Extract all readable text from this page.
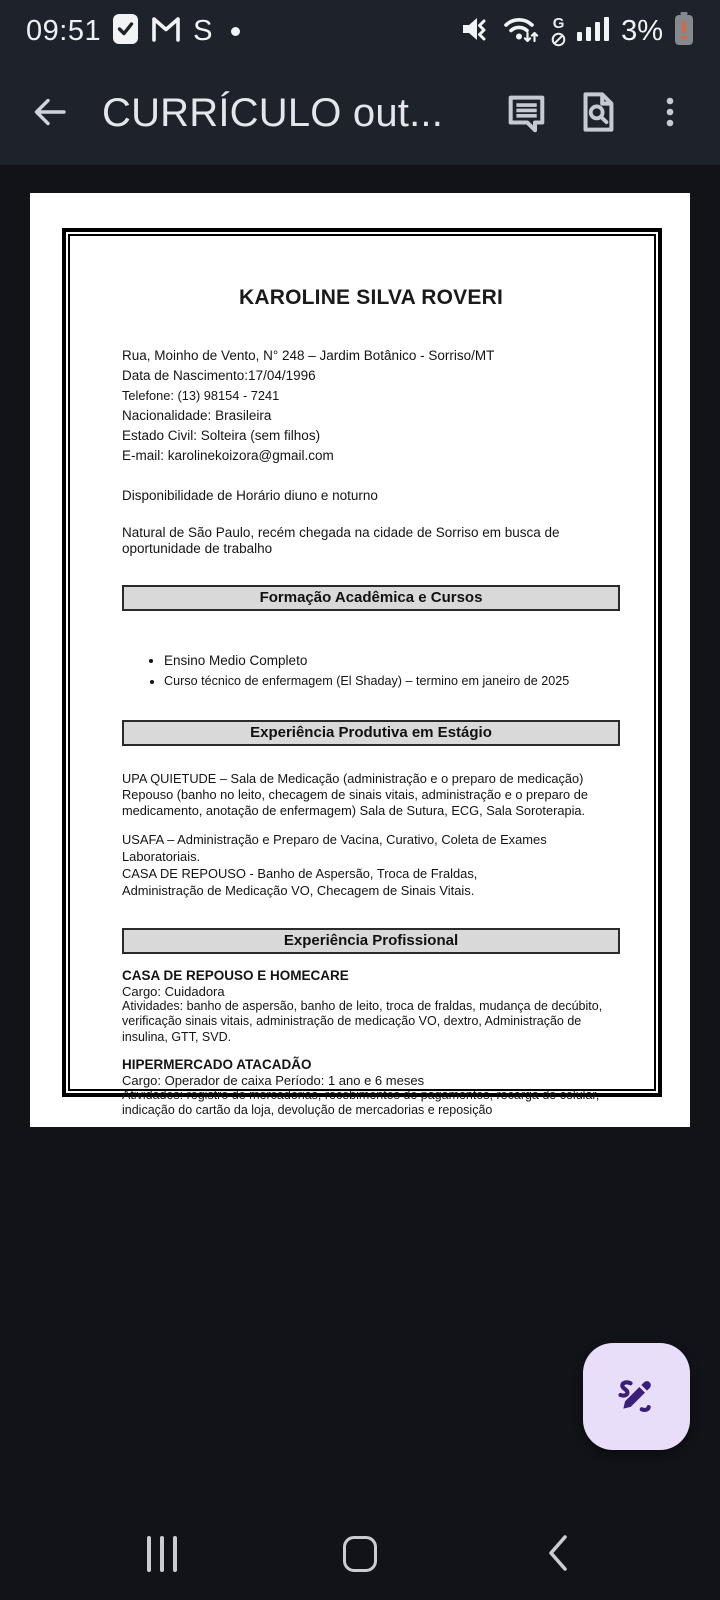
09:51	S	G 3%
CURRÍCULO out...
KAROLINE SILVA ROVERI

Rua, Moinho de Vento, N° 248 – Jardim Botânico - Sorriso/MT

Data de Nascimento:17/04/1996

Telefone: (13) 98154 - 7241

Nacionalidade: Brasileira

Estado Civil: Solteira (sem filhos)

E-mail: karolinekoizora@gmail.com

Disponibilidade de Horário diuno e noturno

Natural de São Paulo, recém chegada na cidade de Sorriso em busca de oportunidade de trabalho

Formação Acadêmica e Cursos
• Ensino Medio Completo
• Curso técnico de enfermagem (El Shaday) – termino em janeiro de 2025
Experiência Produtiva em Estágio

UPA QUIETUDE – Sala de Medicação (administração e o preparo de medicação) Repouso (banho no leito, checagem de sinais vitais, administração e o preparo de medicamento, anotação de enfermagem) Sala de Sutura, ECG, Sala Soroterapia.

USAFA – Administração e Preparo de Vacina, Curativo, Coleta de Exames Laboratoriais.

CASA DE REPOUSO - Banho de Aspersão, Troca de Fraldas, Administração de Medicação VO, Checagem de Sinais Vitais.

Experiência Profissional

CASA DE REPOUSO E HOMECARE

Cargo: Cuidadora

Atividades: banho de aspersão, banho de leito, troca de fraldas, mudança de decúbito, verificação sinais vitais, administração de medicação VO, dextro, Administração de insulina, GTT, SVD.

HIPERMERCADO ATACADÃO

Cargo: Operador de caixa Período: 1 ano e 6 meses

Atividades: registro de mercadorias, recebimentos de pagamentos, recarga de celular, indicação do cartão da loja, devolução de mercadorias e reposição
